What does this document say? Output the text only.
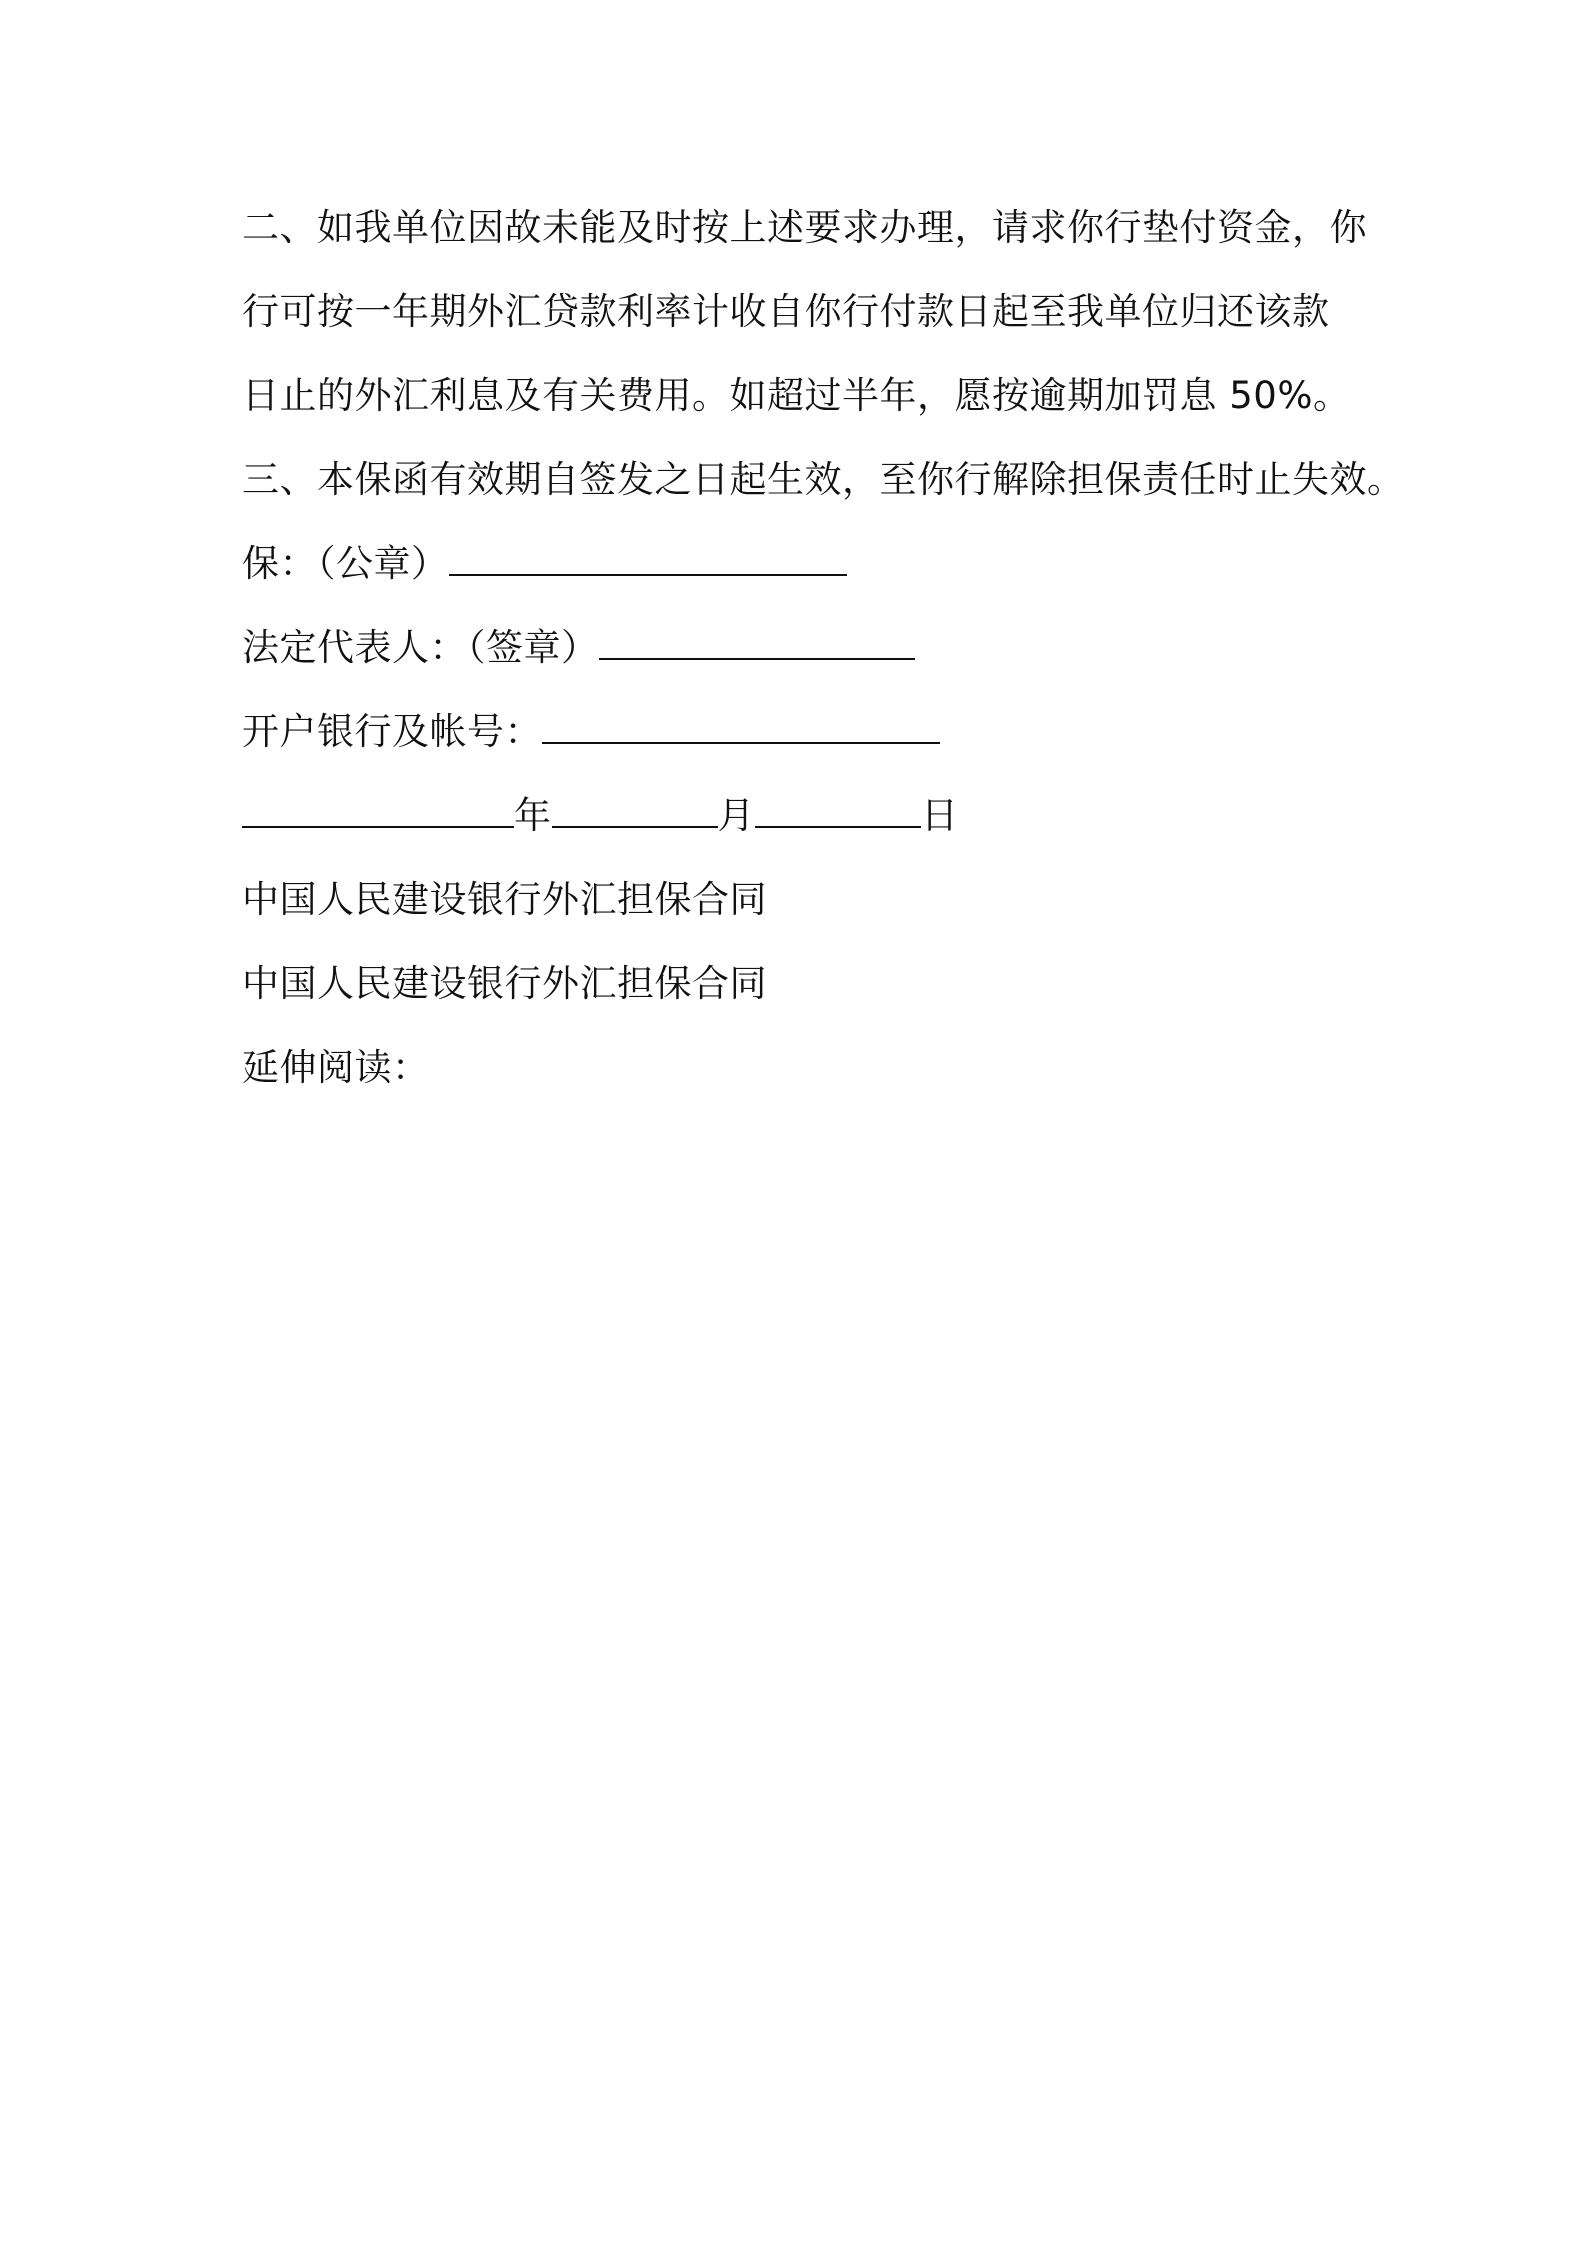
二、如我单位因故未能及时按上述要求办理，请求你行垫付资金，你
行可按一年期外汇贷款利率计收自你行付款日起至我单位归还该款
日止的外汇利息及有关费用。如超过半年，愿按逾期加罚息 50%。
三、本保函有效期自签发之日起生效，至你行解除担保责任时止失效。
保：（公章）
法定代表人：（签章）
开户银行及帐号：
年	月	日
中国人民建设银行外汇担保合同
中国人民建设银行外汇担保合同
延伸阅读：
